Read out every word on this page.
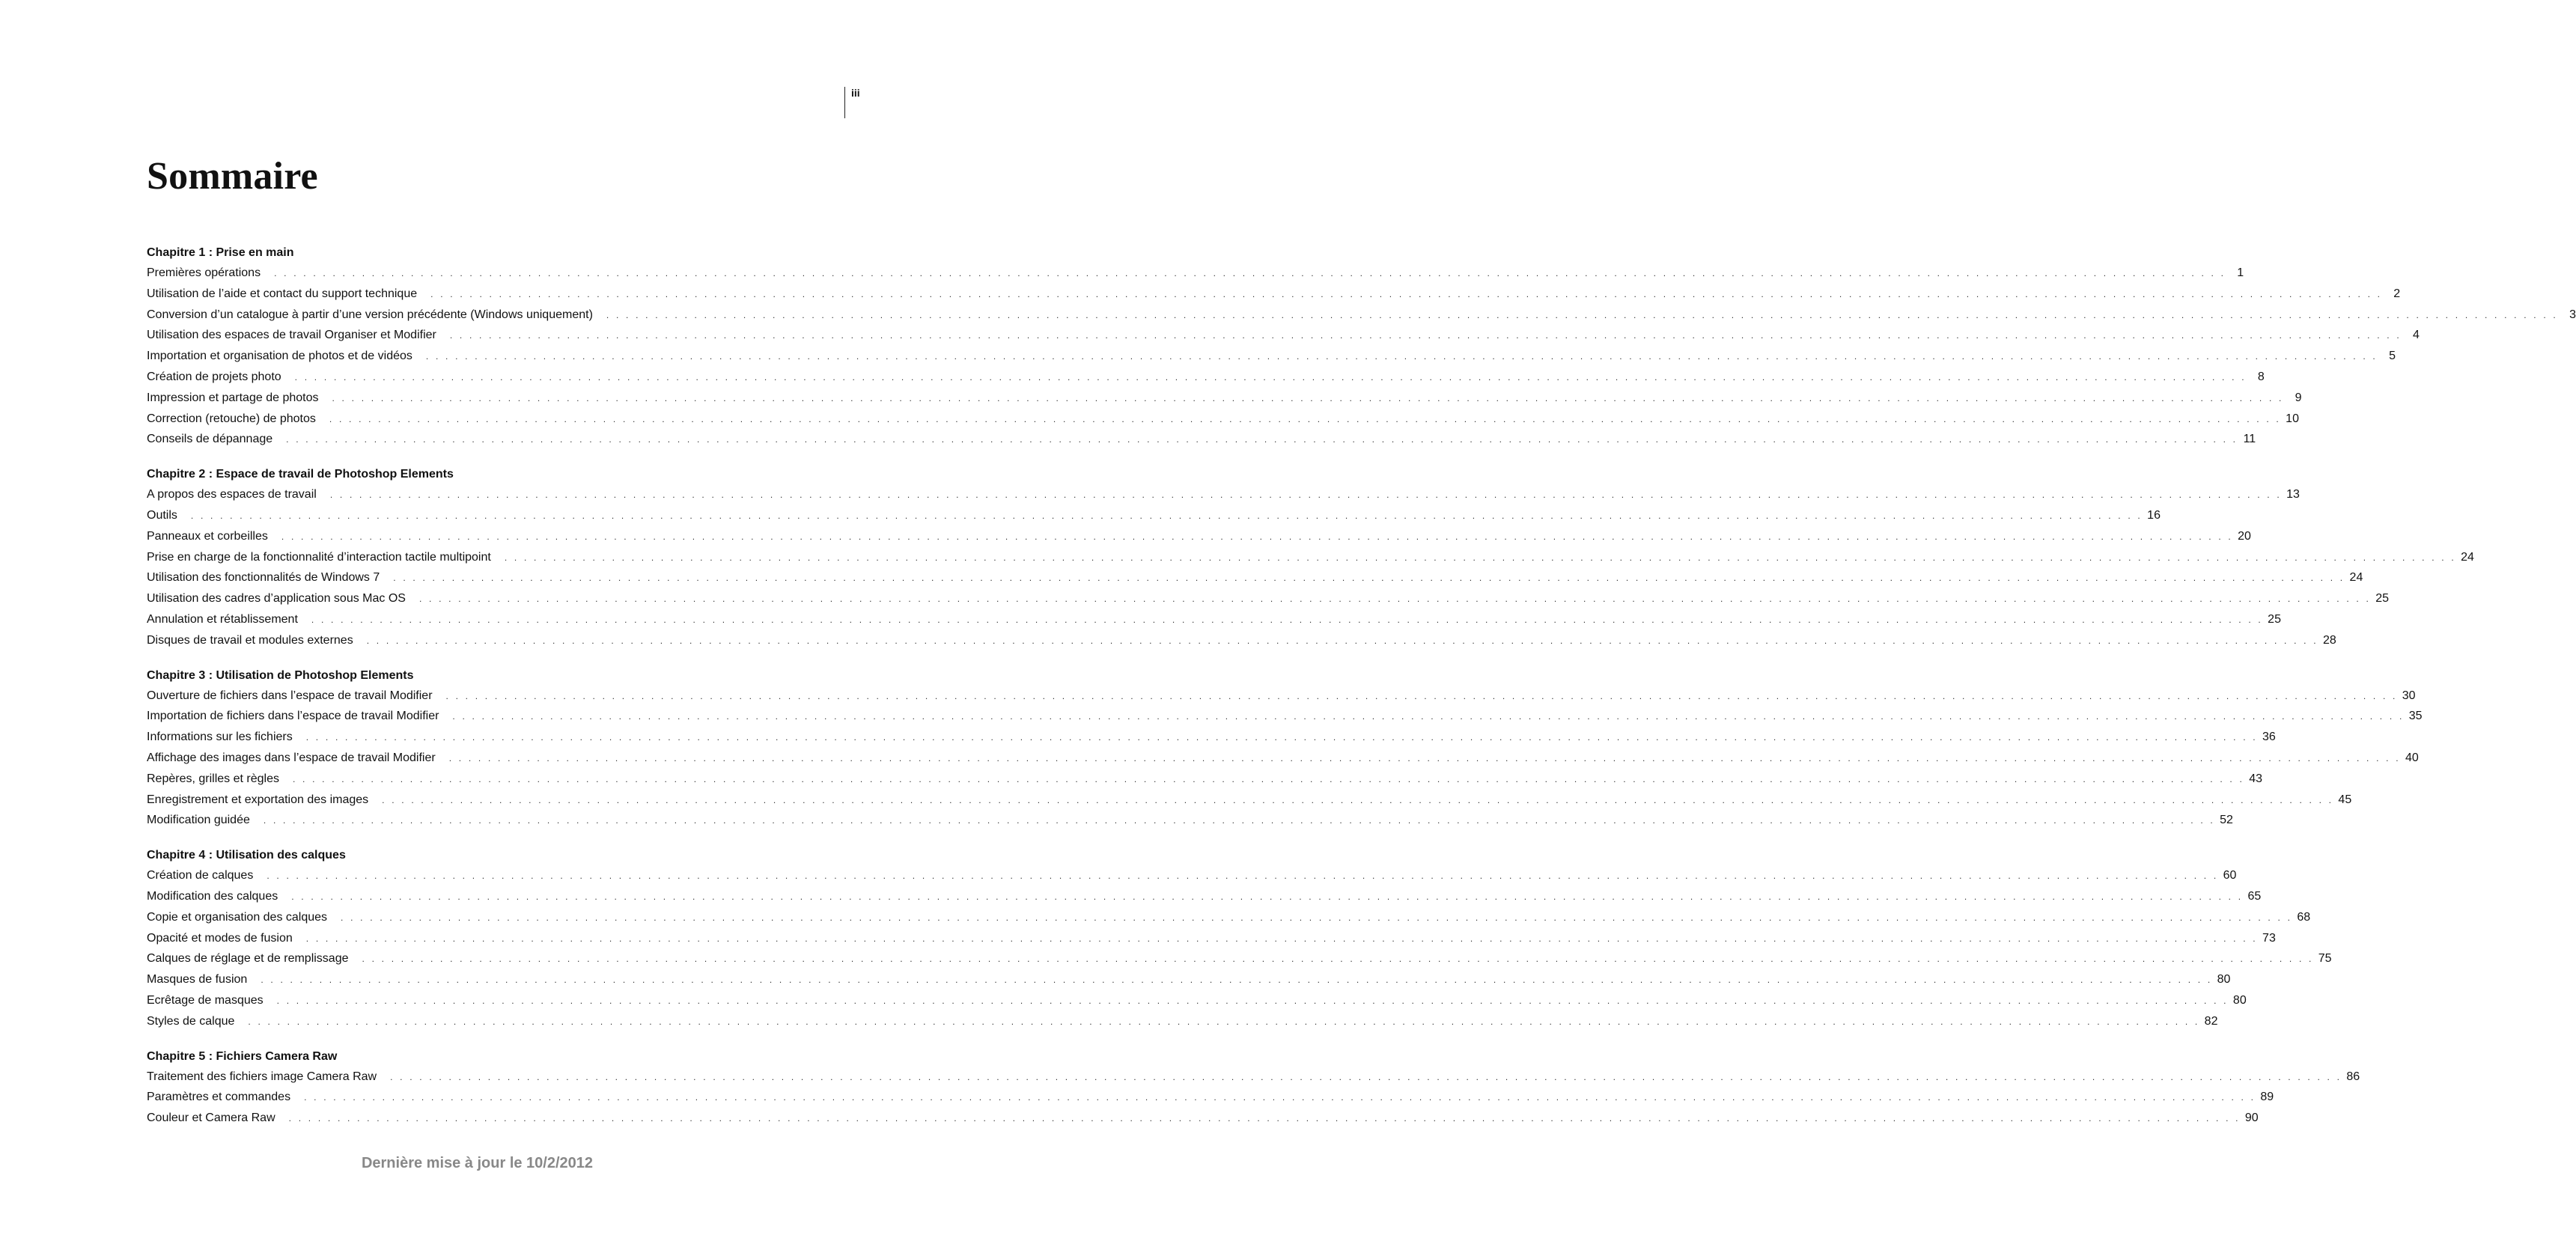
iii
Sommaire
Chapitre 1 : Prise en main
Premières opérations	. . . . . . . . . . . . . . . . . . . . . . . . . . . . . . . . . . . . . . . . . . . . . . . . . . . . . . . . . . . . . . . . . . . . . . . . . . . . . . . . . . . . . . . . . . . . . . . . . . . . . . . . . . . . . . . . . . . . . . . . . . . . . . . . . . . . . . . . . . . . . . . . . . . . . . . . . . . . . . . . . . . . . . . . . . . . . . . . . . . . . . . . . . . . . . . . . . . . . . . . 1
Utilisation de l’aide et contact du support technique	. . . . . . . . . . . . . . . . . . . . . . . . . . . . . . . . . . . . . . . . . . . . . . . . . . . . . . . . . . . . . . . . . . . . . . . . . . . . . . . . . . . . . . . . . . . . . . . . . . . . . . . . . . . . . . . . . . . . . . . . . . . . . . . . . . . . . . . . . . . . . . . . . . . . . . . . . . . . . . . . . . . . . . . . . . . . . . . . . . . . . . . . . . . . . . . . . . . . . . . . 2
Conversion d’un catalogue à partir d’une version précédente (Windows uniquement)	. . . . . . . . . . . . . . . . . . . . . . . . . . . . . . . . . . . . . . . . . . . . . . . . . . . . . . . . . . . . . . . . . . . . . . . . . . . . . . . . . . . . . . . . . . . . . . . . . . . . . . . . . . . . . . . . . . . . . . . . . . . . . . . . . . . . . . . . . . . . . . . . . . . . . . . . . . . . . . . . . . . . . . . . . . . . . . . . . . . . . . . . . . . . . . . . . . . . . . . . 3
Utilisation des espaces de travail Organiser et Modifier	. . . . . . . . . . . . . . . . . . . . . . . . . . . . . . . . . . . . . . . . . . . . . . . . . . . . . . . . . . . . . . . . . . . . . . . . . . . . . . . . . . . . . . . . . . . . . . . . . . . . . . . . . . . . . . . . . . . . . . . . . . . . . . . . . . . . . . . . . . . . . . . . . . . . . . . . . . . . . . . . . . . . . . . . . . . . . . . . . . . . . . . . . . . . . . . . . . . . . . . . 4
Importation et organisation de photos et de vidéos	. . . . . . . . . . . . . . . . . . . . . . . . . . . . . . . . . . . . . . . . . . . . . . . . . . . . . . . . . . . . . . . . . . . . . . . . . . . . . . . . . . . . . . . . . . . . . . . . . . . . . . . . . . . . . . . . . . . . . . . . . . . . . . . . . . . . . . . . . . . . . . . . . . . . . . . . . . . . . . . . . . . . . . . . . . . . . . . . . . . . . . . . . . . . . . . . . . . . . . . . 5
Création de projets photo	. . . . . . . . . . . . . . . . . . . . . . . . . . . . . . . . . . . . . . . . . . . . . . . . . . . . . . . . . . . . . . . . . . . . . . . . . . . . . . . . . . . . . . . . . . . . . . . . . . . . . . . . . . . . . . . . . . . . . . . . . . . . . . . . . . . . . . . . . . . . . . . . . . . . . . . . . . . . . . . . . . . . . . . . . . . . . . . . . . . . . . . . . . . . . . . . . . . . . . . . 8
Impression et partage de photos	. . . . . . . . . . . . . . . . . . . . . . . . . . . . . . . . . . . . . . . . . . . . . . . . . . . . . . . . . . . . . . . . . . . . . . . . . . . . . . . . . . . . . . . . . . . . . . . . . . . . . . . . . . . . . . . . . . . . . . . . . . . . . . . . . . . . . . . . . . . . . . . . . . . . . . . . . . . . . . . . . . . . . . . . . . . . . . . . . . . . . . . . . . . . . . . . . . . . . . . . 9
Correction (retouche) de photos	. . . . . . . . . . . . . . . . . . . . . . . . . . . . . . . . . . . . . . . . . . . . . . . . . . . . . . . . . . . . . . . . . . . . . . . . . . . . . . . . . . . . . . . . . . . . . . . . . . . . . . . . . . . . . . . . . . . . . . . . . . . . . . . . . . . . . . . . . . . . . . . . . . . . . . . . . . . . . . . . . . . . . . . . . . . . . . . . . . . . . . . . . . . . . . . . . . . . . . . . 10
Conseils de dépannage	. . . . . . . . . . . . . . . . . . . . . . . . . . . . . . . . . . . . . . . . . . . . . . . . . . . . . . . . . . . . . . . . . . . . . . . . . . . . . . . . . . . . . . . . . . . . . . . . . . . . . . . . . . . . . . . . . . . . . . . . . . . . . . . . . . . . . . . . . . . . . . . . . . . . . . . . . . . . . . . . . . . . . . . . . . . . . . . . . . . . . . . . . . . . . . . . . . . . . . . . 11
Chapitre 2 : Espace de travail de Photoshop Elements
A propos des espaces de travail	. . . . . . . . . . . . . . . . . . . . . . . . . . . . . . . . . . . . . . . . . . . . . . . . . . . . . . . . . . . . . . . . . . . . . . . . . . . . . . . . . . . . . . . . . . . . . . . . . . . . . . . . . . . . . . . . . . . . . . . . . . . . . . . . . . . . . . . . . . . . . . . . . . . . . . . . . . . . . . . . . . . . . . . . . . . . . . . . . . . . . . . . . . . . . . . . . . . . . . . . 13
Outils	. . . . . . . . . . . . . . . . . . . . . . . . . . . . . . . . . . . . . . . . . . . . . . . . . . . . . . . . . . . . . . . . . . . . . . . . . . . . . . . . . . . . . . . . . . . . . . . . . . . . . . . . . . . . . . . . . . . . . . . . . . . . . . . . . . . . . . . . . . . . . . . . . . . . . . . . . . . . . . . . . . . . . . . . . . . . . . . . . . . . . . . . . . . . . . . . . . . . . . . . 16
Panneaux et corbeilles	. . . . . . . . . . . . . . . . . . . . . . . . . . . . . . . . . . . . . . . . . . . . . . . . . . . . . . . . . . . . . . . . . . . . . . . . . . . . . . . . . . . . . . . . . . . . . . . . . . . . . . . . . . . . . . . . . . . . . . . . . . . . . . . . . . . . . . . . . . . . . . . . . . . . . . . . . . . . . . . . . . . . . . . . . . . . . . . . . . . . . . . . . . . . . . . . . . . . . . . . 20
Prise en charge de la fonctionnalité d’interaction tactile multipoint	. . . . . . . . . . . . . . . . . . . . . . . . . . . . . . . . . . . . . . . . . . . . . . . . . . . . . . . . . . . . . . . . . . . . . . . . . . . . . . . . . . . . . . . . . . . . . . . . . . . . . . . . . . . . . . . . . . . . . . . . . . . . . . . . . . . . . . . . . . . . . . . . . . . . . . . . . . . . . . . . . . . . . . . . . . . . . . . . . . . . . . . . . . . . . . . . . . . . . . . . 24
Utilisation des fonctionnalités de Windows 7	. . . . . . . . . . . . . . . . . . . . . . . . . . . . . . . . . . . . . . . . . . . . . . . . . . . . . . . . . . . . . . . . . . . . . . . . . . . . . . . . . . . . . . . . . . . . . . . . . . . . . . . . . . . . . . . . . . . . . . . . . . . . . . . . . . . . . . . . . . . . . . . . . . . . . . . . . . . . . . . . . . . . . . . . . . . . . . . . . . . . . . . . . . . . . . . . . . . . . . . . 24
Utilisation des cadres d’application sous Mac OS	. . . . . . . . . . . . . . . . . . . . . . . . . . . . . . . . . . . . . . . . . . . . . . . . . . . . . . . . . . . . . . . . . . . . . . . . . . . . . . . . . . . . . . . . . . . . . . . . . . . . . . . . . . . . . . . . . . . . . . . . . . . . . . . . . . . . . . . . . . . . . . . . . . . . . . . . . . . . . . . . . . . . . . . . . . . . . . . . . . . . . . . . . . . . . . . . . . . . . . . . 25
Annulation et rétablissement	. . . . . . . . . . . . . . . . . . . . . . . . . . . . . . . . . . . . . . . . . . . . . . . . . . . . . . . . . . . . . . . . . . . . . . . . . . . . . . . . . . . . . . . . . . . . . . . . . . . . . . . . . . . . . . . . . . . . . . . . . . . . . . . . . . . . . . . . . . . . . . . . . . . . . . . . . . . . . . . . . . . . . . . . . . . . . . . . . . . . . . . . . . . . . . . . . . . . . . . . 25
Disques de travail et modules externes	. . . . . . . . . . . . . . . . . . . . . . . . . . . . . . . . . . . . . . . . . . . . . . . . . . . . . . . . . . . . . . . . . . . . . . . . . . . . . . . . . . . . . . . . . . . . . . . . . . . . . . . . . . . . . . . . . . . . . . . . . . . . . . . . . . . . . . . . . . . . . . . . . . . . . . . . . . . . . . . . . . . . . . . . . . . . . . . . . . . . . . . . . . . . . . . . . . . . . . . . 28
Chapitre 3 : Utilisation de Photoshop Elements
Ouverture de fichiers dans l’espace de travail Modifier	. . . . . . . . . . . . . . . . . . . . . . . . . . . . . . . . . . . . . . . . . . . . . . . . . . . . . . . . . . . . . . . . . . . . . . . . . . . . . . . . . . . . . . . . . . . . . . . . . . . . . . . . . . . . . . . . . . . . . . . . . . . . . . . . . . . . . . . . . . . . . . . . . . . . . . . . . . . . . . . . . . . . . . . . . . . . . . . . . . . . . . . . . . . . . . . . . . . . . . . . 30
Importation de fichiers dans l’espace de travail Modifier	. . . . . . . . . . . . . . . . . . . . . . . . . . . . . . . . . . . . . . . . . . . . . . . . . . . . . . . . . . . . . . . . . . . . . . . . . . . . . . . . . . . . . . . . . . . . . . . . . . . . . . . . . . . . . . . . . . . . . . . . . . . . . . . . . . . . . . . . . . . . . . . . . . . . . . . . . . . . . . . . . . . . . . . . . . . . . . . . . . . . . . . . . . . . . . . . . . . . . . . . 35
Informations sur les fichiers	. . . . . . . . . . . . . . . . . . . . . . . . . . . . . . . . . . . . . . . . . . . . . . . . . . . . . . . . . . . . . . . . . . . . . . . . . . . . . . . . . . . . . . . . . . . . . . . . . . . . . . . . . . . . . . . . . . . . . . . . . . . . . . . . . . . . . . . . . . . . . . . . . . . . . . . . . . . . . . . . . . . . . . . . . . . . . . . . . . . . . . . . . . . . . . . . . . . . . . . . 36
Affichage des images dans l’espace de travail Modifier	. . . . . . . . . . . . . . . . . . . . . . . . . . . . . . . . . . . . . . . . . . . . . . . . . . . . . . . . . . . . . . . . . . . . . . . . . . . . . . . . . . . . . . . . . . . . . . . . . . . . . . . . . . . . . . . . . . . . . . . . . . . . . . . . . . . . . . . . . . . . . . . . . . . . . . . . . . . . . . . . . . . . . . . . . . . . . . . . . . . . . . . . . . . . . . . . . . . . . . . . 40
Repères, grilles et règles	. . . . . . . . . . . . . . . . . . . . . . . . . . . . . . . . . . . . . . . . . . . . . . . . . . . . . . . . . . . . . . . . . . . . . . . . . . . . . . . . . . . . . . . . . . . . . . . . . . . . . . . . . . . . . . . . . . . . . . . . . . . . . . . . . . . . . . . . . . . . . . . . . . . . . . . . . . . . . . . . . . . . . . . . . . . . . . . . . . . . . . . . . . . . . . . . . . . . . . . . 43
Enregistrement et exportation des images	. . . . . . . . . . . . . . . . . . . . . . . . . . . . . . . . . . . . . . . . . . . . . . . . . . . . . . . . . . . . . . . . . . . . . . . . . . . . . . . . . . . . . . . . . . . . . . . . . . . . . . . . . . . . . . . . . . . . . . . . . . . . . . . . . . . . . . . . . . . . . . . . . . . . . . . . . . . . . . . . . . . . . . . . . . . . . . . . . . . . . . . . . . . . . . . . . . . . . . . . 45
Modification guidée	. . . . . . . . . . . . . . . . . . . . . . . . . . . . . . . . . . . . . . . . . . . . . . . . . . . . . . . . . . . . . . . . . . . . . . . . . . . . . . . . . . . . . . . . . . . . . . . . . . . . . . . . . . . . . . . . . . . . . . . . . . . . . . . . . . . . . . . . . . . . . . . . . . . . . . . . . . . . . . . . . . . . . . . . . . . . . . . . . . . . . . . . . . . . . . . . . . . . . . . . 52
Chapitre 4 : Utilisation des calques
Création de calques	. . . . . . . . . . . . . . . . . . . . . . . . . . . . . . . . . . . . . . . . . . . . . . . . . . . . . . . . . . . . . . . . . . . . . . . . . . . . . . . . . . . . . . . . . . . . . . . . . . . . . . . . . . . . . . . . . . . . . . . . . . . . . . . . . . . . . . . . . . . . . . . . . . . . . . . . . . . . . . . . . . . . . . . . . . . . . . . . . . . . . . . . . . . . . . . . . . . . . . . . 60
Modification des calques	. . . . . . . . . . . . . . . . . . . . . . . . . . . . . . . . . . . . . . . . . . . . . . . . . . . . . . . . . . . . . . . . . . . . . . . . . . . . . . . . . . . . . . . . . . . . . . . . . . . . . . . . . . . . . . . . . . . . . . . . . . . . . . . . . . . . . . . . . . . . . . . . . . . . . . . . . . . . . . . . . . . . . . . . . . . . . . . . . . . . . . . . . . . . . . . . . . . . . . . . 65
Copie et organisation des calques	. . . . . . . . . . . . . . . . . . . . . . . . . . . . . . . . . . . . . . . . . . . . . . . . . . . . . . . . . . . . . . . . . . . . . . . . . . . . . . . . . . . . . . . . . . . . . . . . . . . . . . . . . . . . . . . . . . . . . . . . . . . . . . . . . . . . . . . . . . . . . . . . . . . . . . . . . . . . . . . . . . . . . . . . . . . . . . . . . . . . . . . . . . . . . . . . . . . . . . . . 68
Opacité et modes de fusion	. . . . . . . . . . . . . . . . . . . . . . . . . . . . . . . . . . . . . . . . . . . . . . . . . . . . . . . . . . . . . . . . . . . . . . . . . . . . . . . . . . . . . . . . . . . . . . . . . . . . . . . . . . . . . . . . . . . . . . . . . . . . . . . . . . . . . . . . . . . . . . . . . . . . . . . . . . . . . . . . . . . . . . . . . . . . . . . . . . . . . . . . . . . . . . . . . . . . . . . . 73
Calques de réglage et de remplissage	. . . . . . . . . . . . . . . . . . . . . . . . . . . . . . . . . . . . . . . . . . . . . . . . . . . . . . . . . . . . . . . . . . . . . . . . . . . . . . . . . . . . . . . . . . . . . . . . . . . . . . . . . . . . . . . . . . . . . . . . . . . . . . . . . . . . . . . . . . . . . . . . . . . . . . . . . . . . . . . . . . . . . . . . . . . . . . . . . . . . . . . . . . . . . . . . . . . . . . . . 75
Masques de fusion	. . . . . . . . . . . . . . . . . . . . . . . . . . . . . . . . . . . . . . . . . . . . . . . . . . . . . . . . . . . . . . . . . . . . . . . . . . . . . . . . . . . . . . . . . . . . . . . . . . . . . . . . . . . . . . . . . . . . . . . . . . . . . . . . . . . . . . . . . . . . . . . . . . . . . . . . . . . . . . . . . . . . . . . . . . . . . . . . . . . . . . . . . . . . . . . . . . . . . . . . 80
Ecrêtage de masques	. . . . . . . . . . . . . . . . . . . . . . . . . . . . . . . . . . . . . . . . . . . . . . . . . . . . . . . . . . . . . . . . . . . . . . . . . . . . . . . . . . . . . . . . . . . . . . . . . . . . . . . . . . . . . . . . . . . . . . . . . . . . . . . . . . . . . . . . . . . . . . . . . . . . . . . . . . . . . . . . . . . . . . . . . . . . . . . . . . . . . . . . . . . . . . . . . . . . . . . . 80
Styles de calque	. . . . . . . . . . . . . . . . . . . . . . . . . . . . . . . . . . . . . . . . . . . . . . . . . . . . . . . . . . . . . . . . . . . . . . . . . . . . . . . . . . . . . . . . . . . . . . . . . . . . . . . . . . . . . . . . . . . . . . . . . . . . . . . . . . . . . . . . . . . . . . . . . . . . . . . . . . . . . . . . . . . . . . . . . . . . . . . . . . . . . . . . . . . . . . . . . . . . . . . . 82
Chapitre 5 : Fichiers Camera Raw
Traitement des fichiers image Camera Raw	. . . . . . . . . . . . . . . . . . . . . . . . . . . . . . . . . . . . . . . . . . . . . . . . . . . . . . . . . . . . . . . . . . . . . . . . . . . . . . . . . . . . . . . . . . . . . . . . . . . . . . . . . . . . . . . . . . . . . . . . . . . . . . . . . . . . . . . . . . . . . . . . . . . . . . . . . . . . . . . . . . . . . . . . . . . . . . . . . . . . . . . . . . . . . . . . . . . . . . . . 86
Paramètres et commandes	. . . . . . . . . . . . . . . . . . . . . . . . . . . . . . . . . . . . . . . . . . . . . . . . . . . . . . . . . . . . . . . . . . . . . . . . . . . . . . . . . . . . . . . . . . . . . . . . . . . . . . . . . . . . . . . . . . . . . . . . . . . . . . . . . . . . . . . . . . . . . . . . . . . . . . . . . . . . . . . . . . . . . . . . . . . . . . . . . . . . . . . . . . . . . . . . . . . . . . . . 89
Couleur et Camera Raw	. . . . . . . . . . . . . . . . . . . . . . . . . . . . . . . . . . . . . . . . . . . . . . . . . . . . . . . . . . . . . . . . . . . . . . . . . . . . . . . . . . . . . . . . . . . . . . . . . . . . . . . . . . . . . . . . . . . . . . . . . . . . . . . . . . . . . . . . . . . . . . . . . . . . . . . . . . . . . . . . . . . . . . . . . . . . . . . . . . . . . . . . . . . . . . . . . . . . . . . . 90
Dernière mise à jour le 10/2/2012
